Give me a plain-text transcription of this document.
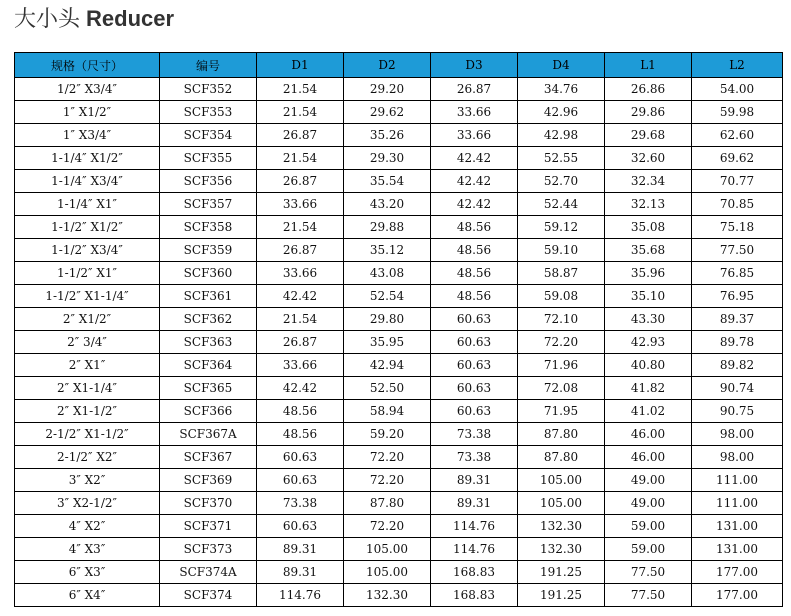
大小头 Reducer
规格（尺寸）	编号	D1	D2	D3	D4	L1	L2
1/2″ X3/4″	SCF352	21.54	29.20	26.87	34.76	26.86	54.00
1″ X1/2″	SCF353	21.54	29.62	33.66	42.96	29.86	59.98
1″ X3/4″	SCF354	26.87	35.26	33.66	42.98	29.68	62.60
1-1/4″ X1/2″	SCF355	21.54	29.30	42.42	52.55	32.60	69.62
1-1/4″ X3/4″	SCF356	26.87	35.54	42.42	52.70	32.34	70.77
1-1/4″ X1″	SCF357	33.66	43.20	42.42	52.44	32.13	70.85
1-1/2″ X1/2″	SCF358	21.54	29.88	48.56	59.12	35.08	75.18
1-1/2″ X3/4″	SCF359	26.87	35.12	48.56	59.10	35.68	77.50
1-1/2″ X1″	SCF360	33.66	43.08	48.56	58.87	35.96	76.85
1-1/2″ X1-1/4″	SCF361	42.42	52.54	48.56	59.08	35.10	76.95
2″ X1/2″	SCF362	21.54	29.80	60.63	72.10	43.30	89.37
2″ 3/4″	SCF363	26.87	35.95	60.63	72.20	42.93	89.78
2″ X1″	SCF364	33.66	42.94	60.63	71.96	40.80	89.82
2″ X1-1/4″	SCF365	42.42	52.50	60.63	72.08	41.82	90.74
2″ X1-1/2″	SCF366	48.56	58.94	60.63	71.95	41.02	90.75
2-1/2″ X1-1/2″	SCF367A	48.56	59.20	73.38	87.80	46.00	98.00
2-1/2″ X2″	SCF367	60.63	72.20	73.38	87.80	46.00	98.00
3″ X2″	SCF369	60.63	72.20	89.31	105.00	49.00	111.00
3″ X2-1/2″	SCF370	73.38	87.80	89.31	105.00	49.00	111.00
4″ X2″	SCF371	60.63	72.20	114.76	132.30	59.00	131.00
4″ X3″	SCF373	89.31	105.00	114.76	132.30	59.00	131.00
6″ X3″	SCF374A	89.31	105.00	168.83	191.25	77.50	177.00
6″ X4″	SCF374	114.76	132.30	168.83	191.25	77.50	177.00
